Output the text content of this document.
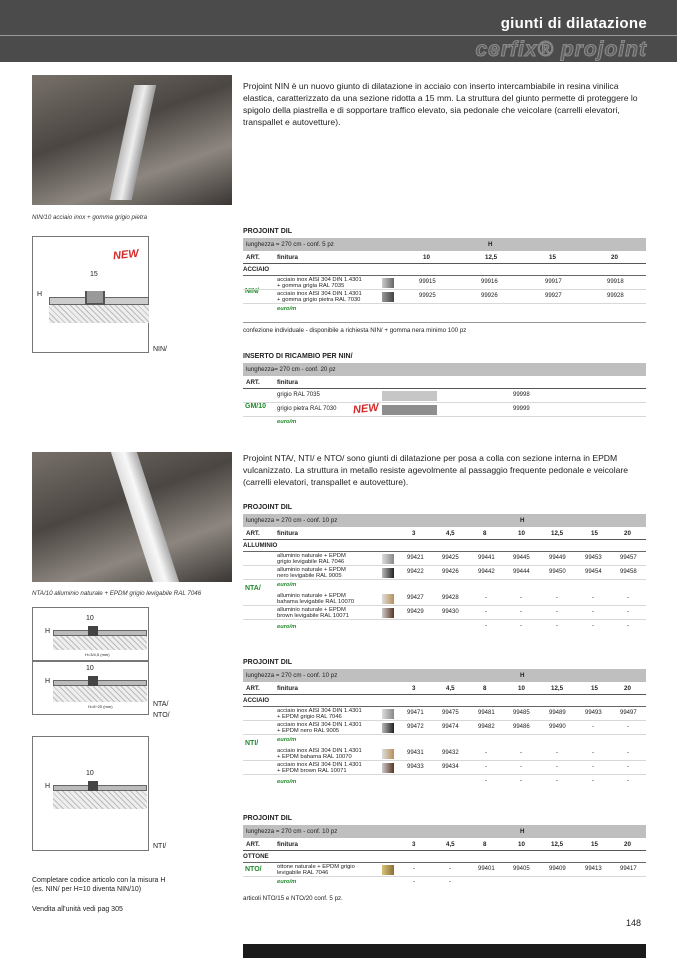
giunti di dilatazione
cerfix® projoint
NIN/10 acciaio inox + gomma grigio pietra
Projoint NIN è un nuovo giunto di dilatazione in acciaio con inserto intercambiabile in resina vinilica elastica, caratterizzato da una sezione ridotta a 15 mm. La struttura del giunto permette di proteggere lo spigolo della piastrella e di sopportare traffico elevato, sia pedonale che veicolare (carrelli elevatori, transpallet e autovetture).
NEW
15
H
NIN/
PROJOINT DIL
lunghezza = 270 cm - conf. 5 pz	H
ART.	finitura	10	12,5	15	20
ACCIAIO
NIN/
acciaio inox AISI 304 DIN 1.4301
+ gomma grigia RAL 7035
99915	99916	99917	99918
acciaio inox AISI 304 DIN 1.4301
+ gomma grigio pietra RAL 7030
99925	99926	99927	99928
euro/m
confezione individuale - disponibile a richiesta NIN/ + gomma nera minimo 100 pz
INSERTO DI RICAMBIO PER NIN/
lunghezza= 270 cm - conf. 20 pz
ART.	finitura
GM/10
grigio RAL 7035	99998
grigio pietra RAL 7030 NEW	99999
euro/m
NTA/10 alluminio naturale + EPDM grigio levigabile RAL 7046
Projoint NTA/, NTI/ e NTO/ sono giunti di dilatazione per posa a colla con sezione interna in EPDM vulcanizzato. La struttura in metallo resiste agevolmente al passaggio frequente pedonale e veicolare (carrelli elevatori, transpallet e autovetture).
10
H
H=3/4,5 (mm)
10
H
H=8÷20 (mm)	NTA/
NTO/
10
H
NTI/
PROJOINT DIL
lunghezza = 270 cm - conf. 10 pz	H
ART.	finitura	3	4,5	8	10	12,5	15	20
ALLUMINIO
NTA/
alluminio naturale + EPDM
grigio levigabile RAL 7046
99421	99425	99441	99445	99449	99453	99457
alluminio naturale + EPDM
nero levigabile RAL 9005
99422	99426	99442	99444	99450	99454	99458
euro/m
alluminio naturale + EPDM
bahama levigabile RAL 10070
99427	99428	-	-	-	-	-
alluminio naturale + EPDM
brown levigabile RAL 10071
99429	99430	-	-	-	-	-
euro/m	-	-	-	-	-
PROJOINT DIL
lunghezza = 270 cm - conf. 10 pz	H
ART.	finitura	3	4,5	8	10	12,5	15	20
ACCIAIO
NTI/
acciaio inox AISI 304 DIN 1.4301
+ EPDM grigio RAL 7046
99471	99475	99481	99485	99489	99493	99497
acciaio inox AISI 304 DIN 1.4301
+ EPDM nero RAL 9005
99472	99474	99482	99486	99490	-	-
euro/m
acciaio inox AISI 304 DIN 1.4301
+ EPDM bahama RAL 10070
99431	99432	-	-	-	-	-
acciaio inox AISI 304 DIN 1.4301
+ EPDM brown RAL 10071
99433	99434	-	-	-	-	-
euro/m	-	-	-	-	-
PROJOINT DIL
lunghezza = 270 cm - conf. 10 pz	H
ART.	finitura	3	4,5	8	10	12,5	15	20
OTTONE
NTO/	ottone naturale + EPDM grigio
levigabile RAL 7046
-	-	99401	99405	99409	99413	99417
euro/m	-	-
articoli NTO/15 e NTO/20 conf. 5 pz.
Completare codice articolo con la misura H
(es. NIN/ per H=10 diventa NIN/10)
Vendita all'unità vedi pag 305
148
